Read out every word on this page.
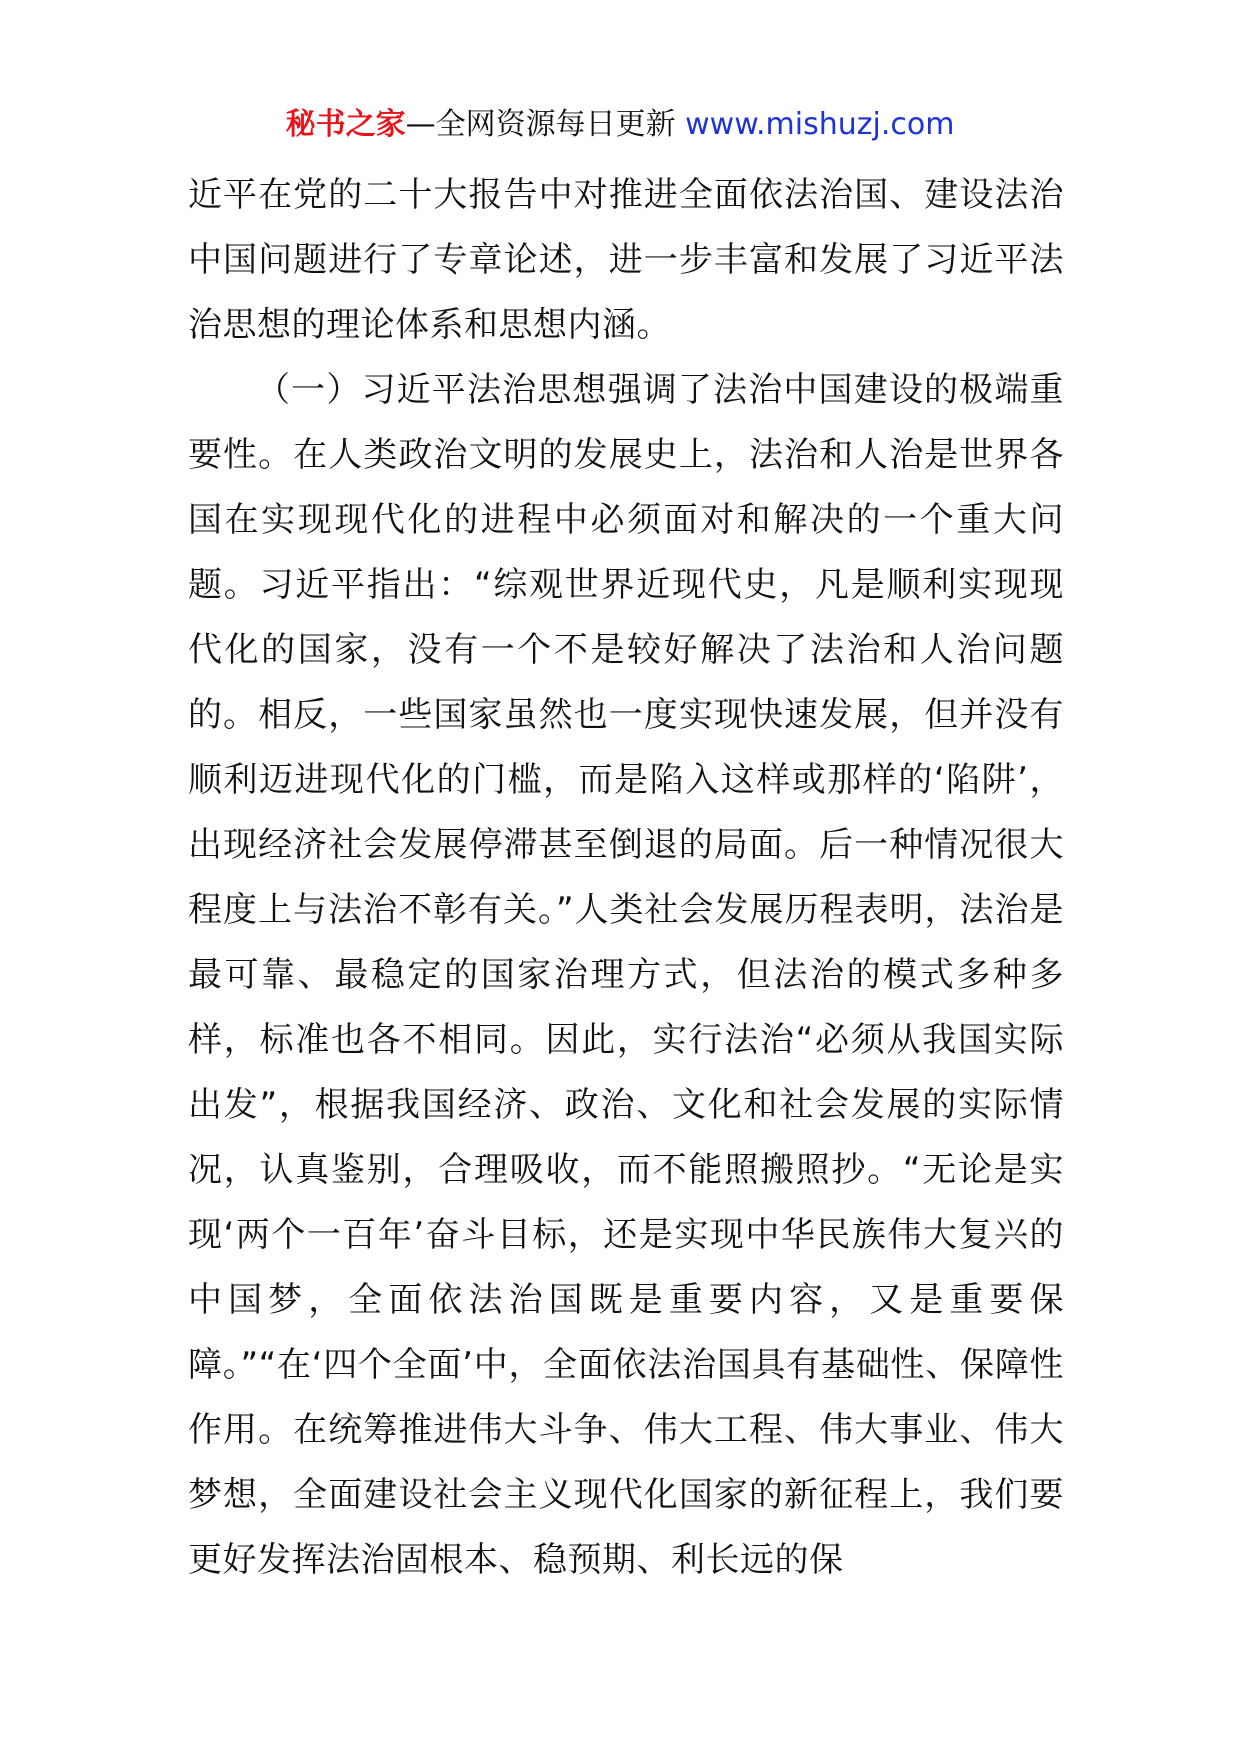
秘书之家—全网资源每日更新 www.mishuzj.com

近平在党的二十大报告中对推进全面依法治国、建设法治中国问题进行了专章论述，进一步丰富和发展了习近平法治思想的理论体系和思想内涵。

（一）习近平法治思想强调了法治中国建设的极端重要性。在人类政治文明的发展史上，法治和人治是世界各国在实现现代化的进程中必须面对和解决的一个重大问题。习近平指出：“综观世界近现代史，凡是顺利实现现代化的国家，没有一个不是较好解决了法治和人治问题的。相反，一些国家虽然也一度实现快速发展，但并没有顺利迈进现代化的门槛，而是陷入这样或那样的‘陷阱’，出现经济社会发展停滞甚至倒退的局面。后一种情况很大程度上与法治不彰有关。”人类社会发展历程表明，法治是最可靠、最稳定的国家治理方式，但法治的模式多种多样，标准也各不相同。因此，实行法治“必须从我国实际出发”，根据我国经济、政治、文化和社会发展的实际情况，认真鉴别，合理吸收，而不能照搬照抄。“无论是实现‘两个一百年’奋斗目标，还是实现中华民族伟大复兴的中国梦，全面依法治国既是重要内容，又是重要保障。”“在‘四个全面’中，全面依法治国具有基础性、保障性作用。在统筹推进伟大斗争、伟大工程、伟大事业、伟大梦想，全面建设社会主义现代化国家的新征程上，我们要更好发挥法治固根本、稳预期、利长远的保
